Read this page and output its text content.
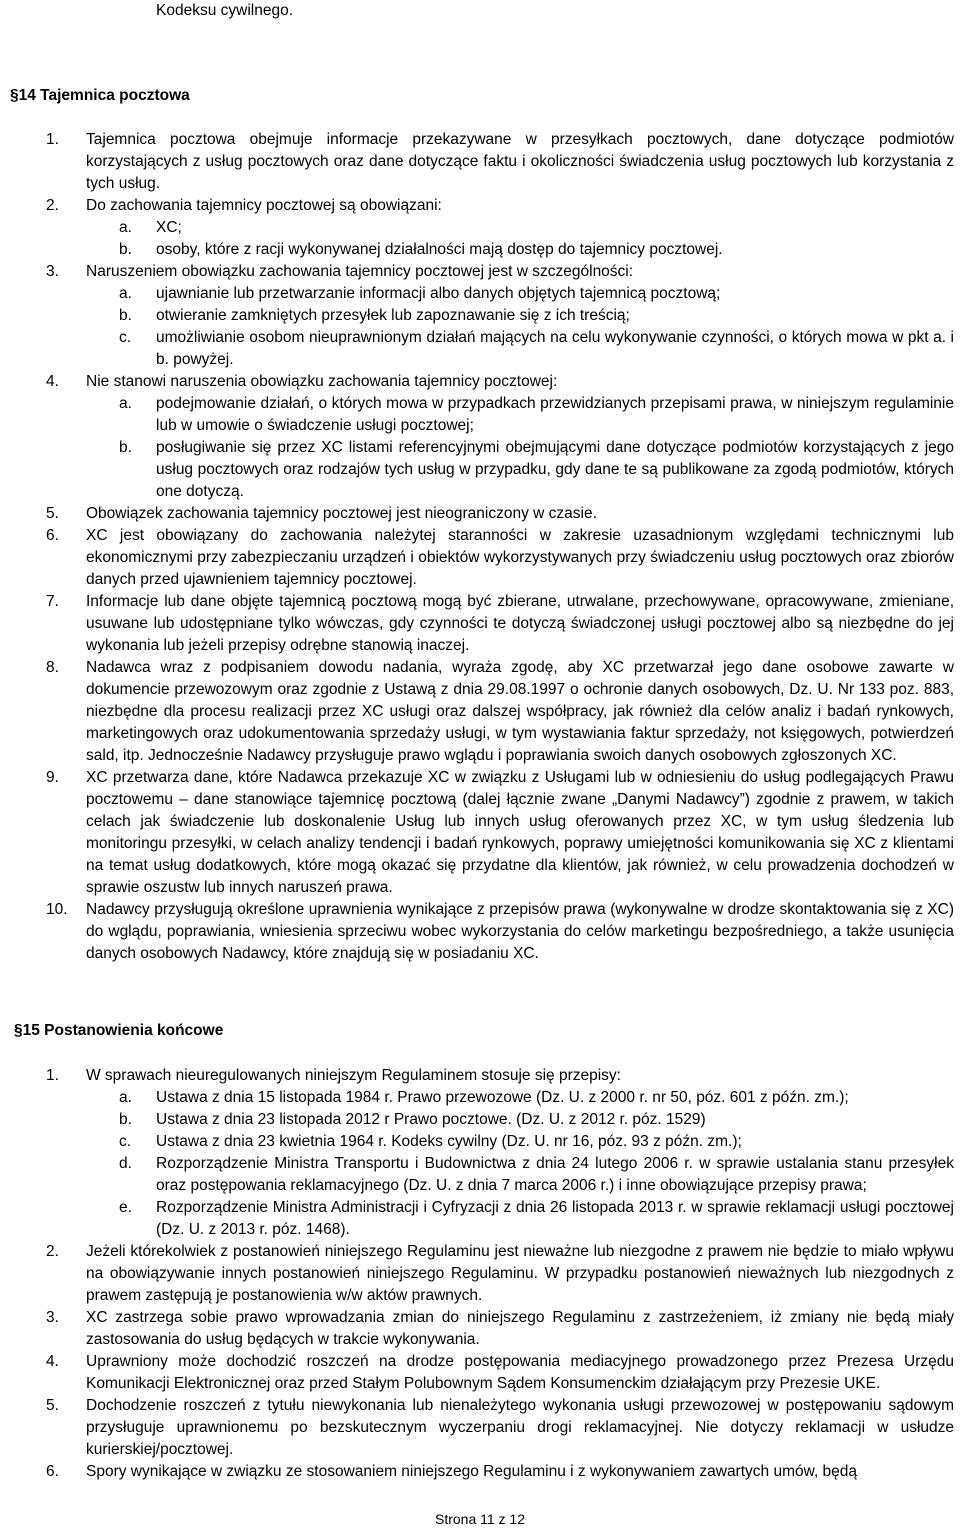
Kodeksu cywilnego.
§14 Tajemnica pocztowa
1. Tajemnica pocztowa obejmuje informacje przekazywane w przesyłkach pocztowych, dane dotyczące podmiotów korzystających z usług pocztowych oraz dane dotyczące faktu i okoliczności świadczenia usług pocztowych lub korzystania z tych usług.
2. Do zachowania tajemnicy pocztowej są obowiązani:
a. XC;
b. osoby, które z racji wykonywanej działalności mają dostęp do tajemnicy pocztowej.
3. Naruszeniem obowiązku zachowania tajemnicy pocztowej jest w szczególności:
a. ujawnianie lub przetwarzanie informacji albo danych objętych tajemnicą pocztową;
b. otwieranie zamkniętych przesyłek lub zapoznawanie się z ich treścią;
c. umożliwianie osobom nieuprawnionym działań mających na celu wykonywanie czynności, o których mowa w pkt a. i b. powyżej.
4. Nie stanowi naruszenia obowiązku zachowania tajemnicy pocztowej:
a. podejmowanie działań, o których mowa w przypadkach przewidzianych przepisami prawa, w niniejszym regulaminie lub w umowie o świadczenie usługi pocztowej;
b. posługiwanie się przez XC listami referencyjnymi obejmującymi dane dotyczące podmiotów korzystających z jego usług pocztowych oraz rodzajów tych usług w przypadku, gdy dane te są publikowane za zgodą podmiotów, których one dotyczą.
5. Obowiązek zachowania tajemnicy pocztowej jest nieograniczony w czasie.
6. XC jest obowiązany do zachowania należytej staranności w zakresie uzasadnionym względami technicznymi lub ekonomicznymi przy zabezpieczaniu urządzeń i obiektów wykorzystywanych przy świadczeniu usług pocztowych oraz zbiorów danych przed ujawnieniem tajemnicy pocztowej.
7. Informacje lub dane objęte tajemnicą pocztową mogą być zbierane, utrwalane, przechowywane, opracowywane, zmieniane, usuwane lub udostępniane tylko wówczas, gdy czynności te dotyczą świadczonej usługi pocztowej albo są niezbędne do jej wykonania lub jeżeli przepisy odrębne stanowią inaczej.
8. Nadawca wraz z podpisaniem dowodu nadania, wyraża zgodę, aby XC przetwarzał jego dane osobowe zawarte w dokumencie przewozowym oraz zgodnie z Ustawą z dnia 29.08.1997 o ochronie danych osobowych, Dz. U. Nr 133 poz. 883, niezbędne dla procesu realizacji przez XC usługi oraz dalszej współpracy, jak również dla celów analiz i badań rynkowych, marketingowych oraz udokumentowania sprzedaży usługi, w tym wystawiania faktur sprzedaży, not księgowych, potwierdzeń sald, itp. Jednocześnie Nadawcy przysługuje prawo wglądu i poprawiania swoich danych osobowych zgłoszonych XC.
9. XC przetwarza dane, które Nadawca przekazuje XC w związku z Usługami lub w odniesieniu do usług podlegających Prawu pocztowemu – dane stanowiące tajemnicę pocztową (dalej łącznie zwane „Danymi Nadawcy”) zgodnie z prawem, w takich celach jak świadczenie lub doskonalenie Usług lub innych usług oferowanych przez XC, w tym usług śledzenia lub monitoringu przesyłki, w celach analizy tendencji i badań rynkowych, poprawy umiejętności komunikowania się XC z klientami na temat usług dodatkowych, które mogą okazać się przydatne dla klientów, jak również, w celu prowadzenia dochodzeń w sprawie oszustw lub innych naruszeń prawa.
10. Nadawcy przysługują określone uprawnienia wynikające z przepisów prawa (wykonywalne w drodze skontaktowania się z XC) do wglądu, poprawiania, wniesienia sprzeciwu wobec wykorzystania do celów marketingu bezpośredniego, a także usunięcia danych osobowych Nadawcy, które znajdują się w posiadaniu XC.
§15 Postanowienia końcowe
1. W sprawach nieuregulowanych niniejszym Regulaminem stosuje się przepisy:
a. Ustawa z dnia 15 listopada 1984 r. Prawo przewozowe (Dz. U. z 2000 r. nr 50, póz. 601 z późn. zm.);
b. Ustawa z dnia 23 listopada 2012 r Prawo pocztowe. (Dz. U. z 2012 r. póz. 1529)
c. Ustawa z dnia 23 kwietnia 1964 r. Kodeks cywilny (Dz. U. nr 16, póz. 93 z późn. zm.);
d. Rozporządzenie Ministra Transportu i Budownictwa z dnia 24 lutego 2006 r. w sprawie ustalania stanu przesyłek oraz postępowania reklamacyjnego (Dz. U. z dnia 7 marca 2006 r.) i inne obowiązujące przepisy prawa;
e. Rozporządzenie Ministra Administracji i Cyfryzacji z dnia 26 listopada 2013 r. w sprawie reklamacji usługi pocztowej (Dz. U. z 2013 r. póz. 1468).
2. Jeżeli którekolwiek z postanowień niniejszego Regulaminu jest nieważne lub niezgodne z prawem nie będzie to miało wpływu na obowiązywanie innych postanowień niniejszego Regulaminu. W przypadku postanowień nieważnych lub niezgodnych z prawem zastępują je postanowienia w/w aktów prawnych.
3. XC zastrzega sobie prawo wprowadzania zmian do niniejszego Regulaminu z zastrzeżeniem, iż zmiany nie będą miały zastosowania do usług będących w trakcie wykonywania.
4. Uprawniony może dochodzić roszczeń na drodze postępowania mediacyjnego prowadzonego przez Prezesa Urzędu Komunikacji Elektronicznej oraz przed Stałym Polubownym Sądem Konsumenckim działającym przy Prezesie UKE.
5. Dochodzenie roszczeń z tytułu niewykonania lub nienależytego wykonania usługi przewozowej w postępowaniu sądowym przysługuje uprawnionemu po bezskutecznym wyczerpaniu drogi reklamacyjnej. Nie dotyczy reklamacji w usłudze kurierskiej/pocztowej.
6. Spory wynikające w związku ze stosowaniem niniejszego Regulaminu i z wykonywaniem zawartych umów, będą
Strona 11 z 12
